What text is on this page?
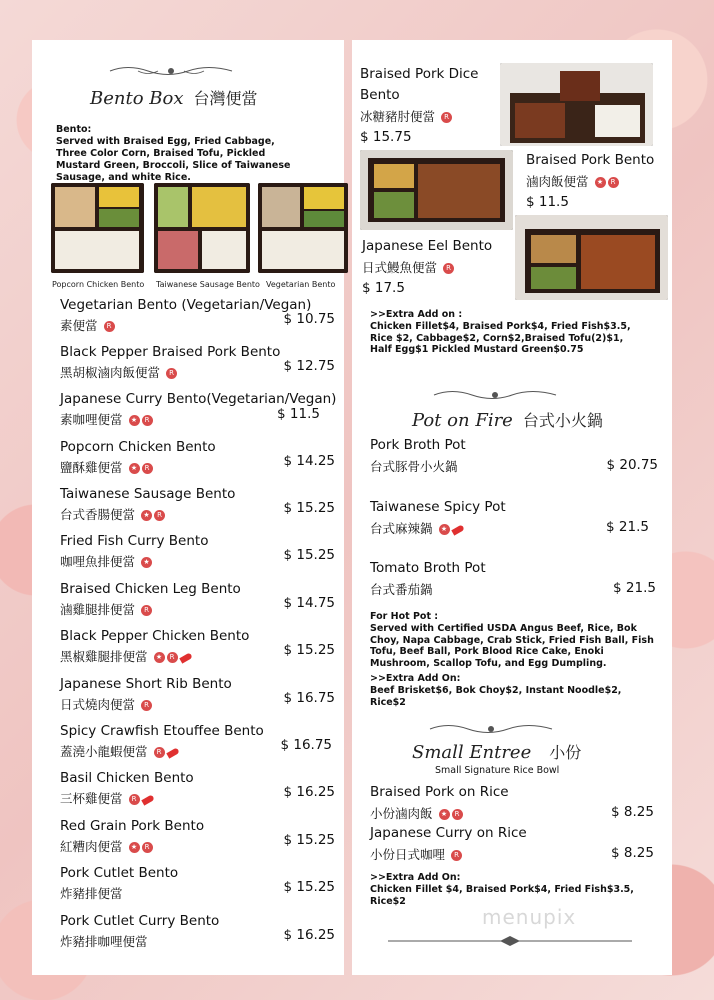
Bento Box 台灣便當
Bento:
Served with Braised Egg, Fried Cabbage, Three Color Corn, Braised Tofu, Pickled Mustard Green, Broccoli, Slice of Taiwanese Sausage, and white Rice.
Popcorn Chicken Bento Taiwanese Sausage Bento Vegetarian Bento
Vegetarian Bento (Vegetarian/Vegan)
素便當 R	$ 10.75
Black Pepper Braised Pork Bento
黑胡椒滷肉飯便當 R	$ 12.75
Japanese Curry Bento(Vegetarian/Vegan)
素咖哩便當 ★ R	$ 11.5
Popcorn Chicken Bento
鹽酥雞便當 ★ R	$ 14.25
Taiwanese Sausage Bento
台式香腸便當 ★ R	$ 15.25
Fried Fish Curry Bento
咖哩魚排便當 ★	$ 15.25
Braised Chicken Leg Bento
滷雞腿排便當 R	$ 14.75
Black Pepper Chicken Bento
黑椒雞腿排便當 ★ R	$ 15.25
Japanese Short Rib Bento
日式燒肉便當 R	$ 16.75
Spicy Crawfish Etouffee Bento
蓋澆小龍蝦便當 R	$ 16.75
Basil Chicken Bento
三杯雞便當 R	$ 16.25
Red Grain Pork Bento
紅糟肉便當 ★ R	$ 15.25
Pork Cutlet Bento
炸豬排便當	$ 15.25
Pork Cutlet Curry Bento
炸豬排咖哩便當	$ 16.25
Braised Pork Dice
Bento
冰糖豬肘便當 R
$ 15.75
Braised Pork Bento
滷肉飯便當 ★ R
$ 11.5
Japanese Eel Bento
日式鰻魚便當 R
$ 17.5
>>Extra Add on :
Chicken Fillet$4, Braised Pork$4, Fried Fish$3.5, Rice $2, Cabbage$2, Corn$2,Braised Tofu(2)$1, Half Egg$1 Pickled Mustard Green$0.75
Pot on Fire 台式小火鍋
Pork Broth Pot
台式豚骨小火鍋	$ 20.75
Taiwanese Spicy Pot
台式麻辣鍋 ★	$ 21.5
Tomato Broth Pot
台式番茄鍋	$ 21.5
For Hot Pot :
Served with Certified USDA Angus Beef, Rice, Bok Choy, Napa Cabbage, Crab Stick, Fried Fish Ball, Fish Tofu, Beef Ball, Pork Blood Rice Cake, Enoki Mushroom, Scallop Tofu, and Egg Dumpling.
>>Extra Add On:
Beef Brisket$6, Bok Choy$2, Instant Noodle$2, Rice$2
Small Entree 小份
Small Signature Rice Bowl
Braised Pork on Rice
小份滷肉飯 ★ R	$ 8.25
Japanese Curry on Rice
小份日式咖哩 R	$ 8.25
>>Extra Add On:
Chicken Fillet $4, Braised Pork$4, Fried Fish$3.5, Rice$2
menupix
